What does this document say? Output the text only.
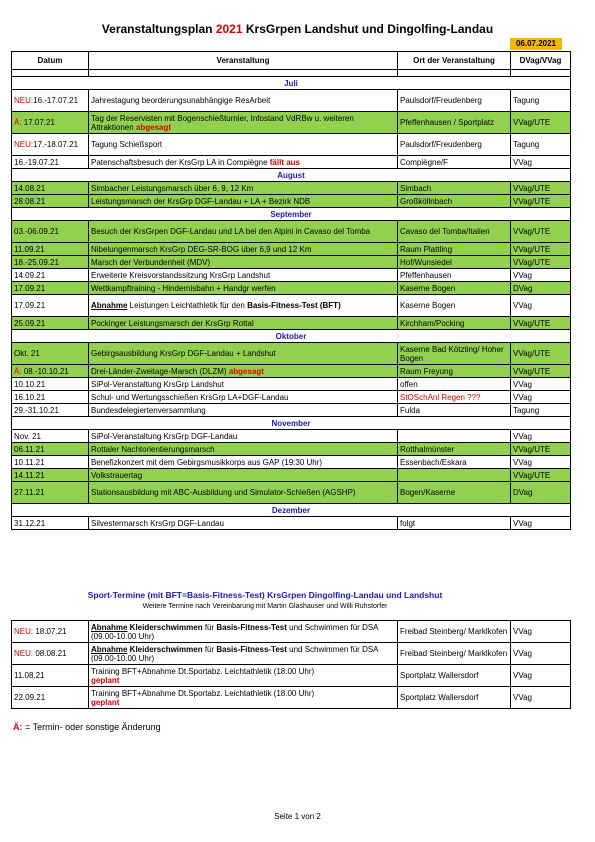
Veranstaltungsplan 2021 KrsGrpen Landshut und Dingolfing-Landau
06.07.2021
Datum	Veranstaltung	Ort der Veranstaltung	DVag/VVag

Juli			
NEU:16.-17.07.21	Jahrestagung beorderungsunabhängige ResArbeit	Paulsdorf/Freudenberg	Tagung
Ä: 17.07.21	Tag der Reservisten mit Bogenschießturnier, Infostand VdRBw u. weiteren Attraktionen abgesagt	Pfeffenhausen / Sportplatz	VVag/UTE
NEU:17.-18.07.21	Tagung Schießsport	Paulsdorf/Freudenberg	Tagung
16.-19.07.21	Patenschaftsbesuch der KrsGrp LA in Compiègne fällt aus	Compiègne/F	VVag
August			
14.08.21	Simbacher Leistungsmarsch über 6, 9, 12 Km	Simbach	VVag/UTE
28.08.21	Leistungsmarsch der KrsGrp DGF-Landau + LA + Bezirk NDB	Großköllnbach	VVag/UTE
September			
03.-06.09.21	Besuch der KrsGrpen DGF-Landau und LA bei den Alpini in Cavaso del Tomba	Cavaso del Tomba/Italien	VVag/UTE
11.09.21	Nibelungenmarsch KrsGrp DEG-SR-BOG über 6,9 und 12 Km	Raum Plattling	VVag/UTE
18.-25.09.21	Marsch der Verbundenheit (MDV)	Hof/Wunsiedel	VVag/UTE
14.09.21	Erweiterte Kreisvorstandssitzung KrsGrp Landshut	Pfeffenhausen	VVag
17.09.21	Wettkampftraining - Hindernisbahn + Handgr werfen	Kaserne Bogen	DVag
17.09.21	Abnahme Leistungen Leichtathletik für den Basis-Fitness-Test (BFT)	Kaserne Bogen	VVag
25.09.21	Pockinger Leistungsmarsch der KrsGrp Rottal	Kirchham/Pocking	VVag/UTE
Oktober			
Okt. 21	Gebirgsausbildung KrsGrp DGF-Landau + Landshut	Kaserne Bad Kötzting/ Hoher Bogen	VVag/UTE
Ä: 08.-10.10.21	Drei-Länder-Zweitage-Marsch (DLZM) abgesagt	Raum Freyung	VVag/UTE
10.10.21	SiPol-Veranstaltung KrsGrp Landshut	offen	VVag
16.10.21	Schul- und Wertungsschießen KrsGrp LA+DGF-Landau	StOSchAnl Regen ???	VVag
29.-31.10.21	Bundesdelegiertenversammlung	Fulda	Tagung
November			
Nov. 21	SiPol-Veranstaltung KrsGrp DGF-Landau		VVag
06.11.21	Rottaler Nachtorientierungsmarsch	Rotthalmünster	VVag/UTE
10.11.21	Benefizkonzert mit dem Gebirgsmusikkorps aus GAP (19:30 Uhr)	Essenbach/Eskara	VVag
14.11.21	Volkstrauertag		VVag/UTE
27.11.21	Stationsausbildung mit ABC-Ausbildung und Simulator-Schießen (AGSHP)	Bogen/Kaserne	DVag
Dezember			
31.12.21	Silvestermarsch KrsGrp DGF-Landau	folgt	VVag
Sport-Termine (mit BFT=Basis-Fitness-Test) KrsGrpen Dingolfing-Landau und Landshut
Weitere Termine nach Vereinbarung mit Martin Glashauser und Willi Ruhstorfer
NEU: 18.07.21	Abnahme Kleiderschwimmen für Basis-Fitness-Test und Schwimmen für DSA (09.00-10.00 Uhr)	Freibad Steinberg/ Marklkofen	VVag
NEU: 08.08.21	Abnahme Kleiderschwimmen für Basis-Fitness-Test und Schwimmen für DSA (09.00-10.00 Uhr)	Freibad Steinberg/ Marklkofen	VVag
11.08.21	Training BFT+Abnahme Dt.Sportabz. Leichtathletik (18.00 Uhr)
geplant	Sportplatz Wallersdorf	VVag
22.09.21	Training BFT+Abnahme Dt.Sportabz. Leichtathletik (18.00 Uhr)
geplant	Sportplatz Wallersdorf	VVag
Ä: = Termin- oder sonstige Änderung
Seite 1 von 2
